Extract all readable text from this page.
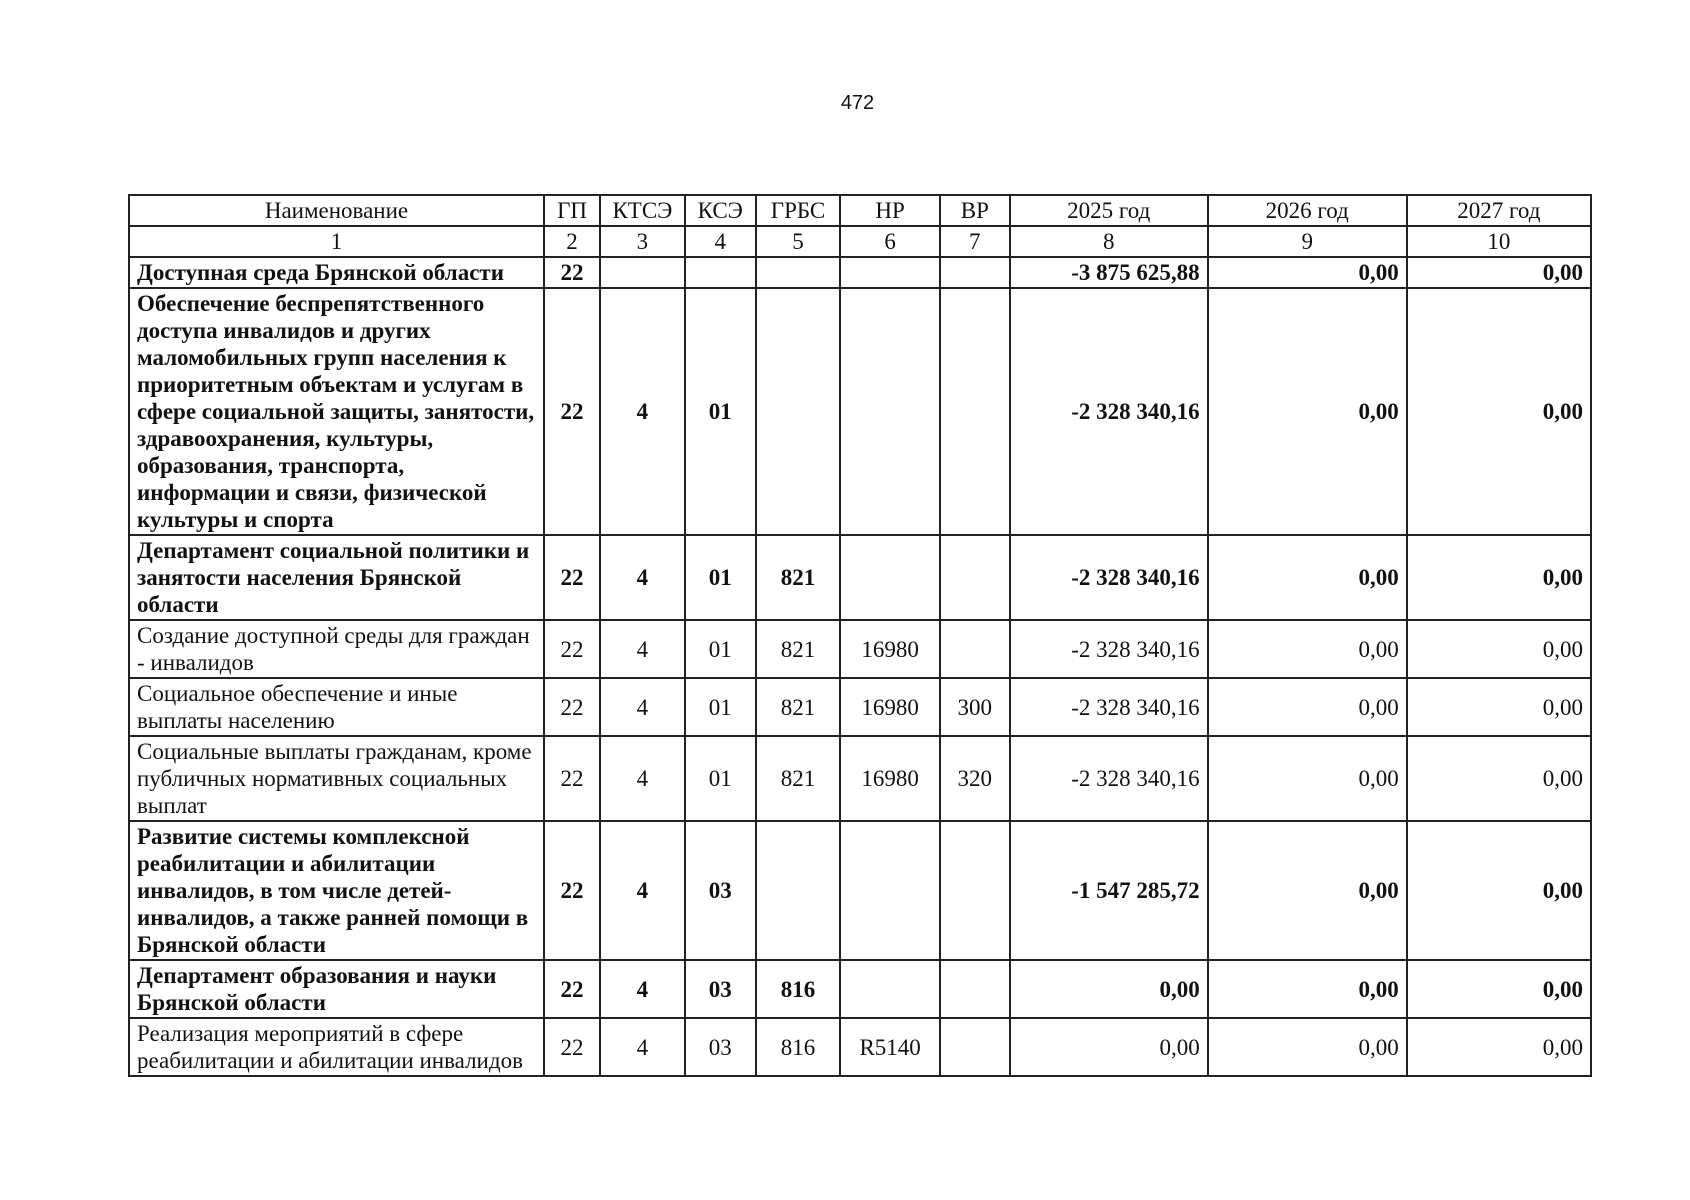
472
Наименование	ГП	КТСЭ	КСЭ	ГРБС	НР	ВР	2025 год	2026 год	2027 год
1	2	3	4	5	6	7	8	9	10
Доступная среда Брянской области	22						-3 875 625,88	0,00	0,00
Обеспечение беспрепятственного доступа инвалидов и других маломобильных групп населения к приоритетным объектам и услугам в сфере социальной защиты, занятости, здравоохранения, культуры, образования, транспорта, информации и связи, физической культуры и спорта	22	4	01				-2 328 340,16	0,00	0,00
Департамент социальной политики и занятости населения Брянской области	22	4	01	821			-2 328 340,16	0,00	0,00
Создание доступной среды для граждан - инвалидов	22	4	01	821	16980		-2 328 340,16	0,00	0,00
Социальное обеспечение и иные выплаты населению	22	4	01	821	16980	300	-2 328 340,16	0,00	0,00
Социальные выплаты гражданам, кроме публичных нормативных социальных выплат	22	4	01	821	16980	320	-2 328 340,16	0,00	0,00
Развитие системы комплексной реабилитации и абилитации инвалидов, в том числе детей-инвалидов, а также ранней помощи в Брянской области	22	4	03				-1 547 285,72	0,00	0,00
Департамент образования и науки Брянской области	22	4	03	816			0,00	0,00	0,00
Реализация мероприятий в сфере реабилитации и абилитации инвалидов	22	4	03	816	R5140		0,00	0,00	0,00
